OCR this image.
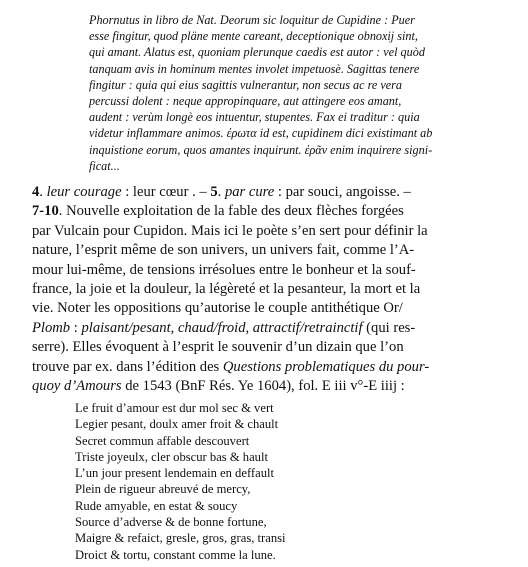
Phornutus in libro de Nat. Deorum sic loquitur de Cupidine : Puer
esse fingitur, quod pläne mente careant, deceptionique obnoxij sint,
qui amant. Alatus est, quoniam plerunque caedis est autor : vel quòd
tanquam avis in hominum mentes involet impetuosè. Sagittas tenere
fingitur : quia qui eius sagittis vulnerantur, non secus ac re vera
percussi dolent : neque appropinquare, aut attingere eos amant,
audent : verùm longè eos intuentur, stupentes. Fax ei traditur : quia
videtur inflammare animos. ἐρωτα id est, cupidinem dici existimant ab
inquistione eorum, quos amantes inquirunt. ἐρᾶν enim inquirere signi-
ficat...

4. leur courage : leur cœur . – 5. par cure : par souci, angoisse. –
7-10. Nouvelle exploitation de la fable des deux flèches forgées
par Vulcain pour Cupidon. Mais ici le poète s’en sert pour définir la
nature, l’esprit même de son univers, un univers fait, comme l’A-
mour lui-même, de tensions irrésolues entre le bonheur et la souf-
france, la joie et la douleur, la légèreté et la pesanteur, la mort et la
vie. Noter les oppositions qu’autorise le couple antithétique Or/
Plomb : plaisant/pesant, chaud/froid, attractif/retrainctif (qui res-
serre). Elles évoquent à l’esprit le souvenir d’un dizain que l’on
trouve par ex. dans l’édition des Questions problematiques du pour-
quoy d’Amours de 1543 (BnF Rés. Ye 1604), fol. E iii v°-E iiij :

Le fruit d’amour est dur mol sec & vert
Legier pesant, doulx amer froit & chault
Secret commun affable descouvert
Triste joyeulx, cler obscur bas & hault
L’un jour present lendemain en deffault
Plein de rigueur abreuvé de mercy,
Rude amyable, en estat & soucy
Source d’adverse & de bonne fortune,
Maigre & refaict, gresle, gros, gras, transi
Droict & tortu, constant comme la lune.
